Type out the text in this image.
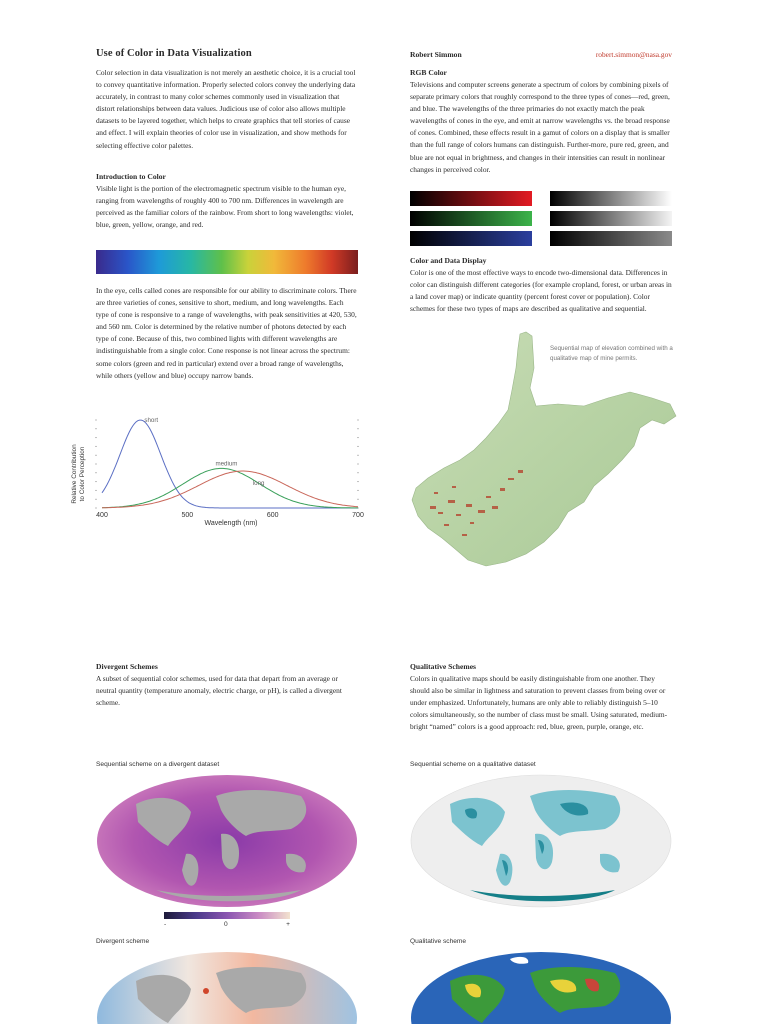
Use of Color in Data Visualization	Robert Simmon	robert.simmon@nasa.gov
Color selection in data visualization is not merely an aesthetic choice, it is a crucial tool to convey quantitative information. Properly selected colors convey the underlying data accurately, in contrast to many color schemes commonly used in visualization that distort relationships between data values. Judicious use of color also allows multiple datasets to be layered together, which helps to create graphics that tell stories of cause and effect. I will explain theories of color use in visualization, and show methods for selecting effective color palettes.
Introduction to Color
Visible light is the portion of the electromagnetic spectrum visible to the human eye, ranging from wavelengths of roughly 400 to 700 nm. Differences in wavelength are perceived as the familiar colors of the rainbow. From short to long wavelengths: violet, blue, green, yellow, orange, and red.
In the eye, cells called cones are responsible for our ability to discriminate colors. There are three varieties of cones, sensitive to short, medium, and long wavelengths. Each type of cone is responsive to a range of wavelengths, with peak sensitivities at 420, 530, and 560 nm. Color is determined by the relative number of photons detected by each type of cone. Because of this, two combined lights with different wavelengths are indistinguishable from a single color. Cone response is not linear across the spectrum: some colors (green and red in particular) extend over a broad range of wavelengths, while others (yellow and blue) occupy narrow bands.
short
medium
long
400	500	600	700
Wavelength (nm)
Relative Contributionto Color Perception
RGB Color
Televisions and computer screens generate a spectrum of colors by combining pixels of separate primary colors that roughly correspond to the three types of cones—red, green, and blue. The wavelengths of the three primaries do not exactly match the peak wavelengths of cones in the eye, and emit at narrow wavelengths vs. the broad response of cones. Combined, these effects result in a gamut of colors on a display that is smaller than the full range of colors humans can distinguish. Further-more, pure red, green, and blue are not equal in brightness, and changes in their intensities can result in nonlinear changes in perceived color.
Color and Data Display
Color is one of the most effective ways to encode two-dimensional data. Differences in color can distinguish different categories (for example cropland, forest, or urban areas in a land cover map) or indicate quantity (percent forest cover or population). Color schemes for these two types of maps are described as qualitative and sequential.
Sequential map of elevation combined with a qualitative map of mine permits.
Divergent Schemes
A subset of sequential color schemes, used for data that depart from an average or neutral quantity (temperature anomaly, electric charge, or pH), is called a divergent scheme.
Qualitative Schemes
Colors in qualitative maps should be easily distinguishable from one another. They should also be similar in lightness and saturation to prevent classes from being over or under emphasized. Unfortunately, humans are only able to reliably distinguish 5–10 colors simultaneously, so the number of class must be small. Using saturated, medium-bright “named” colors is a good approach: red, blue, green, purple, orange, etc.
Sequential scheme on a divergent dataset	Sequential scheme on a qualitative dataset
-	0	+
Divergent scheme	Qualitative scheme
